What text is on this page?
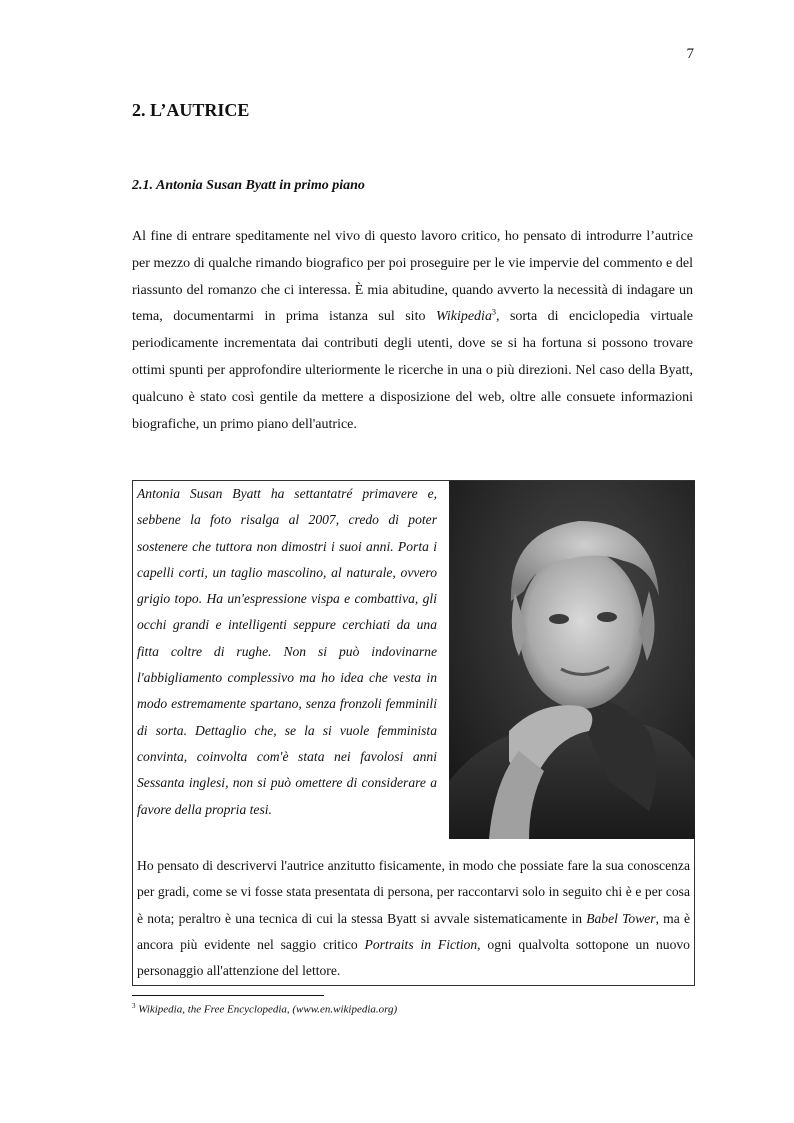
7
2. L’AUTRICE
2.1. Antonia Susan Byatt in primo piano

Al fine di entrare speditamente nel vivo di questo lavoro critico, ho pensato di introdurre l’autrice per mezzo di qualche rimando biografico per poi proseguire per le vie impervie del commento e del riassunto del romanzo che ci interessa. È mia abitudine, quando avverto la necessità di indagare un tema, documentarmi in prima istanza sul sito Wikipedia$^3$, sorta di enciclopedia virtuale periodicamente incrementata dai contributi degli utenti, dove se si ha fortuna si possono trovare ottimi spunti per approfondire ulteriormente le ricerche in una o più direzioni. Nel caso della Byatt, qualcuno è stato così gentile da mettere a disposizione del web, oltre alle consuete informazioni biografiche, un primo piano dell'autrice.

Antonia Susan Byatt ha settantatré primavere e, sebbene la foto risalga al 2007, credo di poter sostenere che tuttora non dimostri i suoi anni. Porta i capelli corti, un taglio mascolino, al naturale, ovvero grigio topo. Ha un'espressione vispa e combattiva, gli occhi grandi e intelligenti seppure cerchiati da una fitta coltre di rughe. Non si può indovinarne l'abbigliamento complessivo ma ho idea che vesta in modo estremamente spartano, senza fronzoli femminili di sorta. Dettaglio che, se la si vuole femminista convinta, coinvolta com'è stata nei favolosi anni Sessanta inglesi, non si può omettere di considerare a favore della propria tesi.

Ho pensato di descrivervi l'autrice anzitutto fisicamente, in modo che possiate fare la sua conoscenza per gradi, come se vi fosse stata presentata di persona, per raccontarvi solo in seguito chi è e per cosa è nota; peraltro è una tecnica di cui la stessa Byatt si avvale sistematicamente in Babel Tower, ma è ancora più evidente nel saggio critico Portraits in Fiction, ogni qualvolta sottopone un nuovo personaggio all'attenzione del lettore.

$^3$ Wikipedia, the Free Encyclopedia, (www.en.wikipedia.org)
